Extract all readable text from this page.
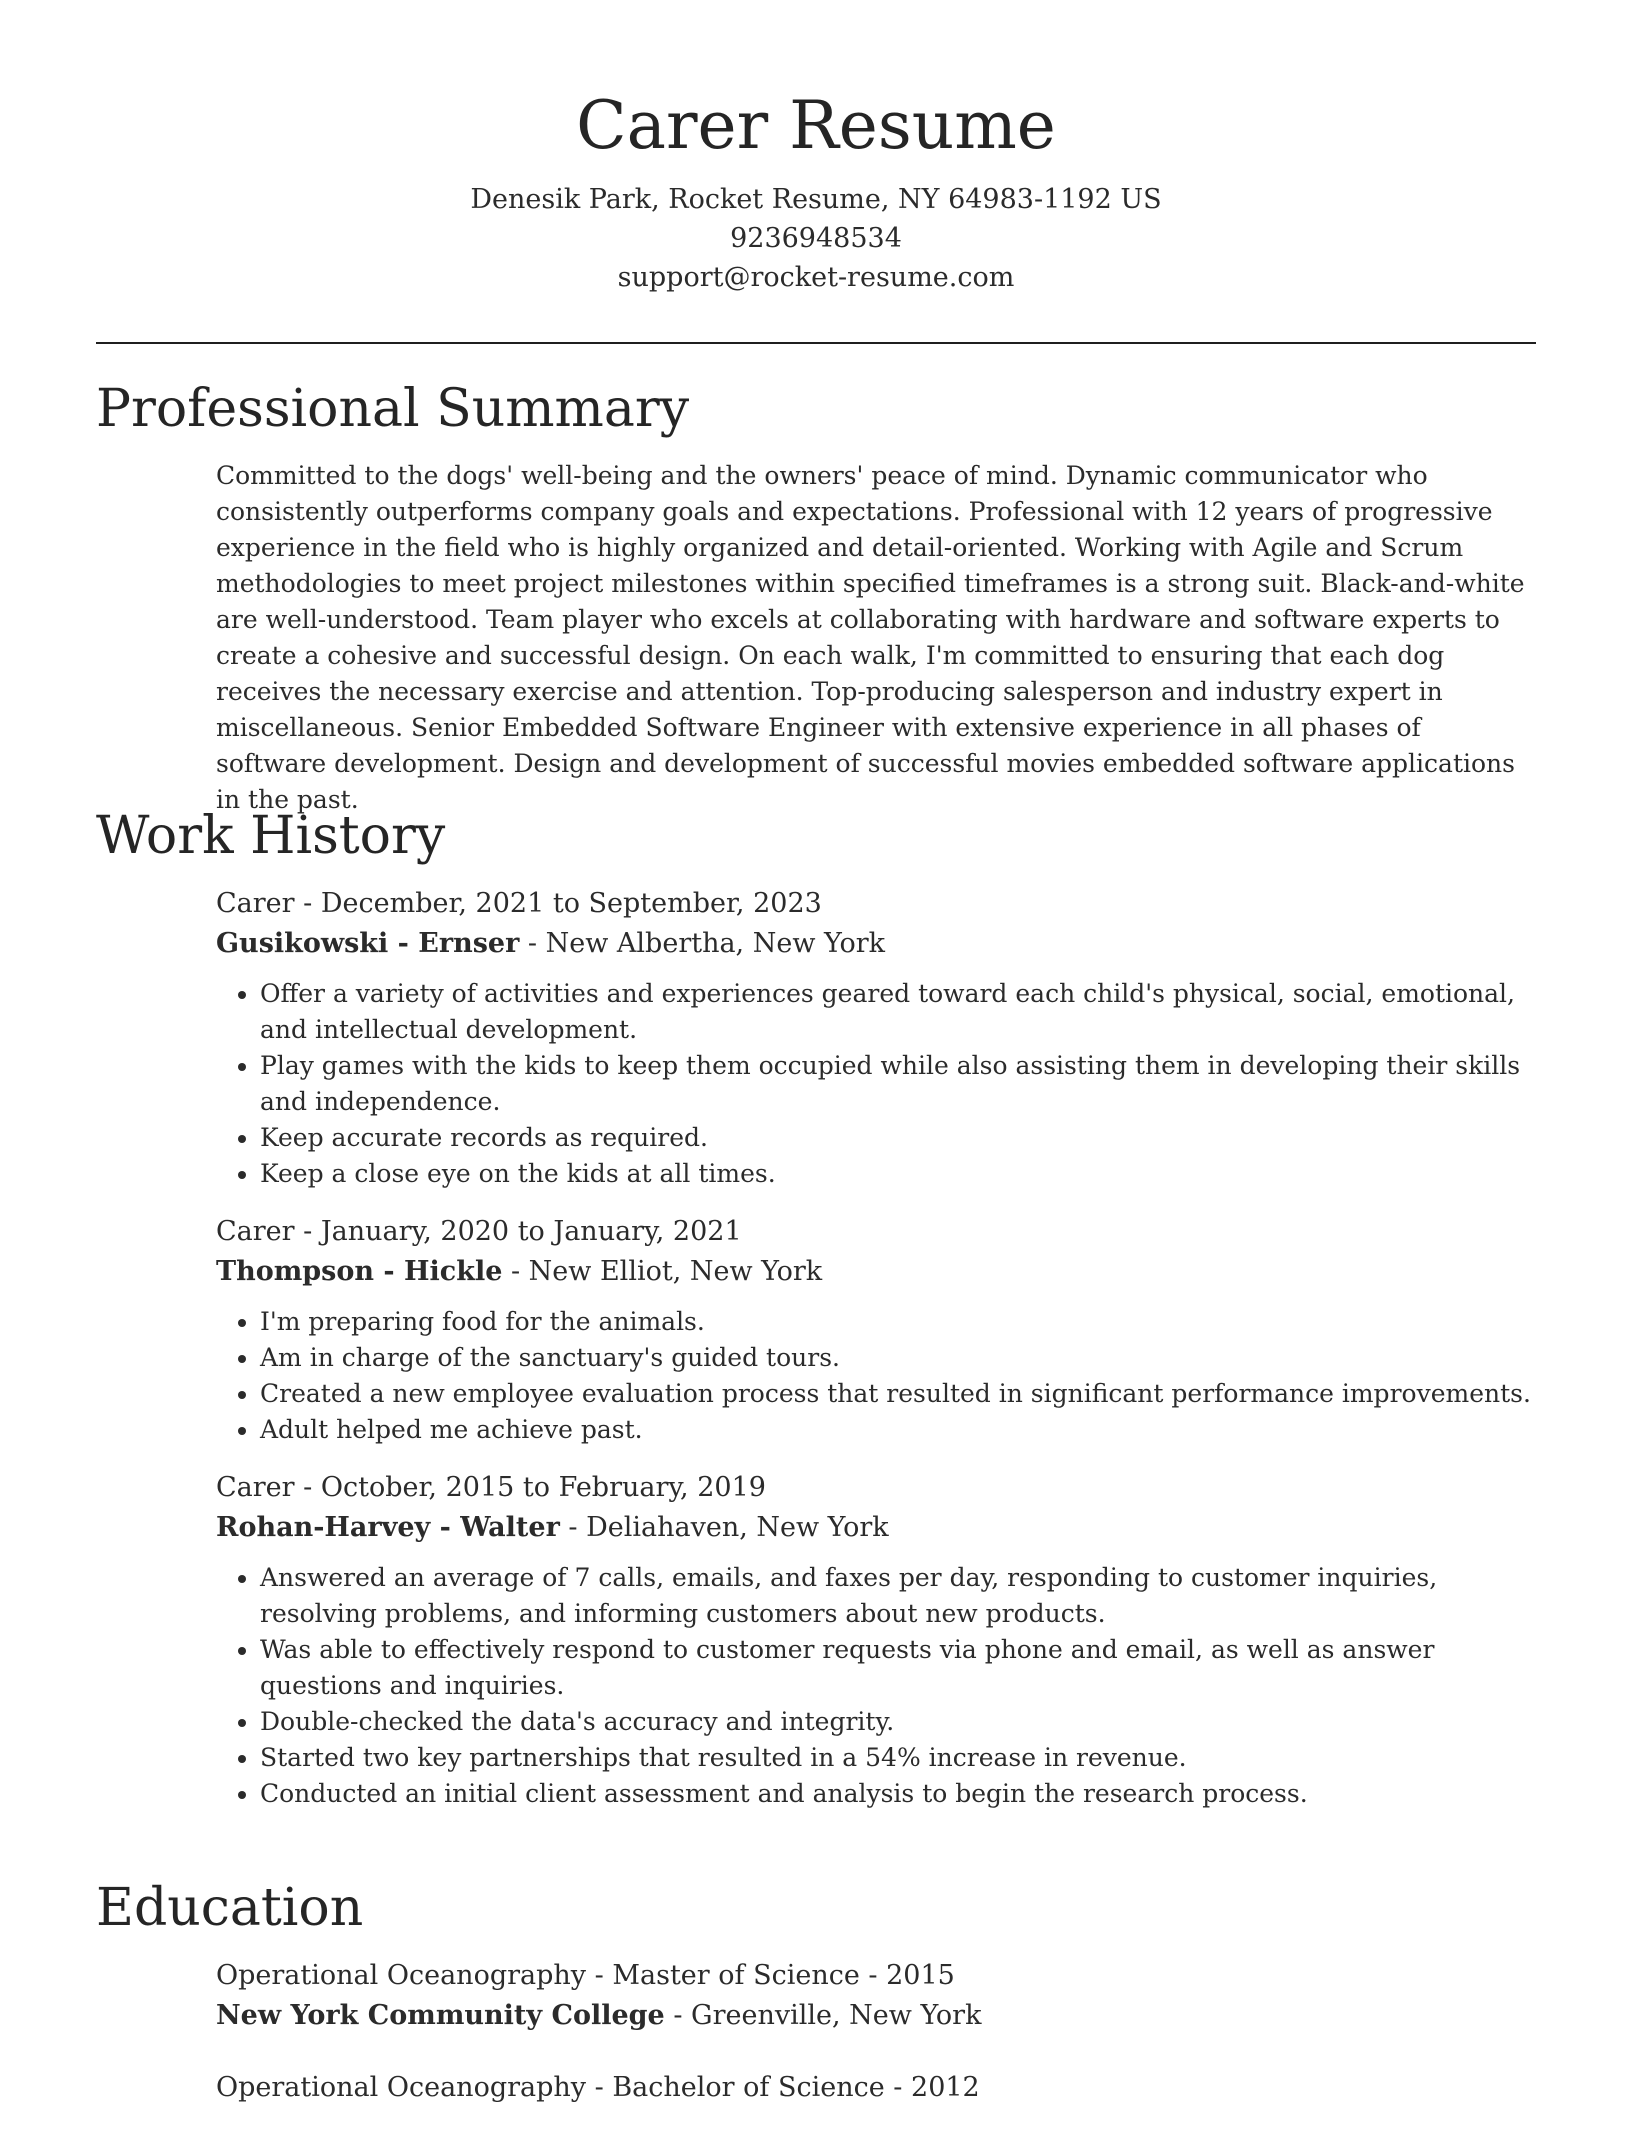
Carer Resume
Denesik Park, Rocket Resume, NY 64983-1192 US
9236948534
support@rocket-resume.com
Professional Summary

Committed to the dogs' well-being and the owners' peace of mind. Dynamic communicator who consistently outperforms company goals and expectations. Professional with 12 years of progressive experience in the field who is highly organized and detail-oriented. Working with Agile and Scrum methodologies to meet project milestones within specified timeframes is a strong suit. Black-and-white are well-understood. Team player who excels at collaborating with hardware and software experts to create a cohesive and successful design. On each walk, I'm committed to ensuring that each dog receives the necessary exercise and attention. Top-producing salesperson and industry expert in miscellaneous. Senior Embedded Software Engineer with extensive experience in all phases of software development. Design and development of successful movies embedded software applications in the past.

Work History
Carer - December, 2021 to September, 2023
Gusikowski - Ernser - New Albertha, New York
• Offer a variety of activities and experiences geared toward each child's physical, social, emotional, and intellectual development.
• Play games with the kids to keep them occupied while also assisting them in developing their skills and independence.
• Keep accurate records as required.
• Keep a close eye on the kids at all times.
Carer - January, 2020 to January, 2021
Thompson - Hickle - New Elliot, New York
• I'm preparing food for the animals.
• Am in charge of the sanctuary's guided tours.
• Created a new employee evaluation process that resulted in significant performance improvements.
• Adult helped me achieve past.
Carer - October, 2015 to February, 2019
Rohan-Harvey - Walter - Deliahaven, New York
• Answered an average of 7 calls, emails, and faxes per day, responding to customer inquiries, resolving problems, and informing customers about new products.
• Was able to effectively respond to customer requests via phone and email, as well as answer questions and inquiries.
• Double-checked the data's accuracy and integrity.
• Started two key partnerships that resulted in a 54% increase in revenue.
• Conducted an initial client assessment and analysis to begin the research process.
Education
Operational Oceanography - Master of Science - 2015
New York Community College - Greenville, New York
Operational Oceanography - Bachelor of Science - 2012
